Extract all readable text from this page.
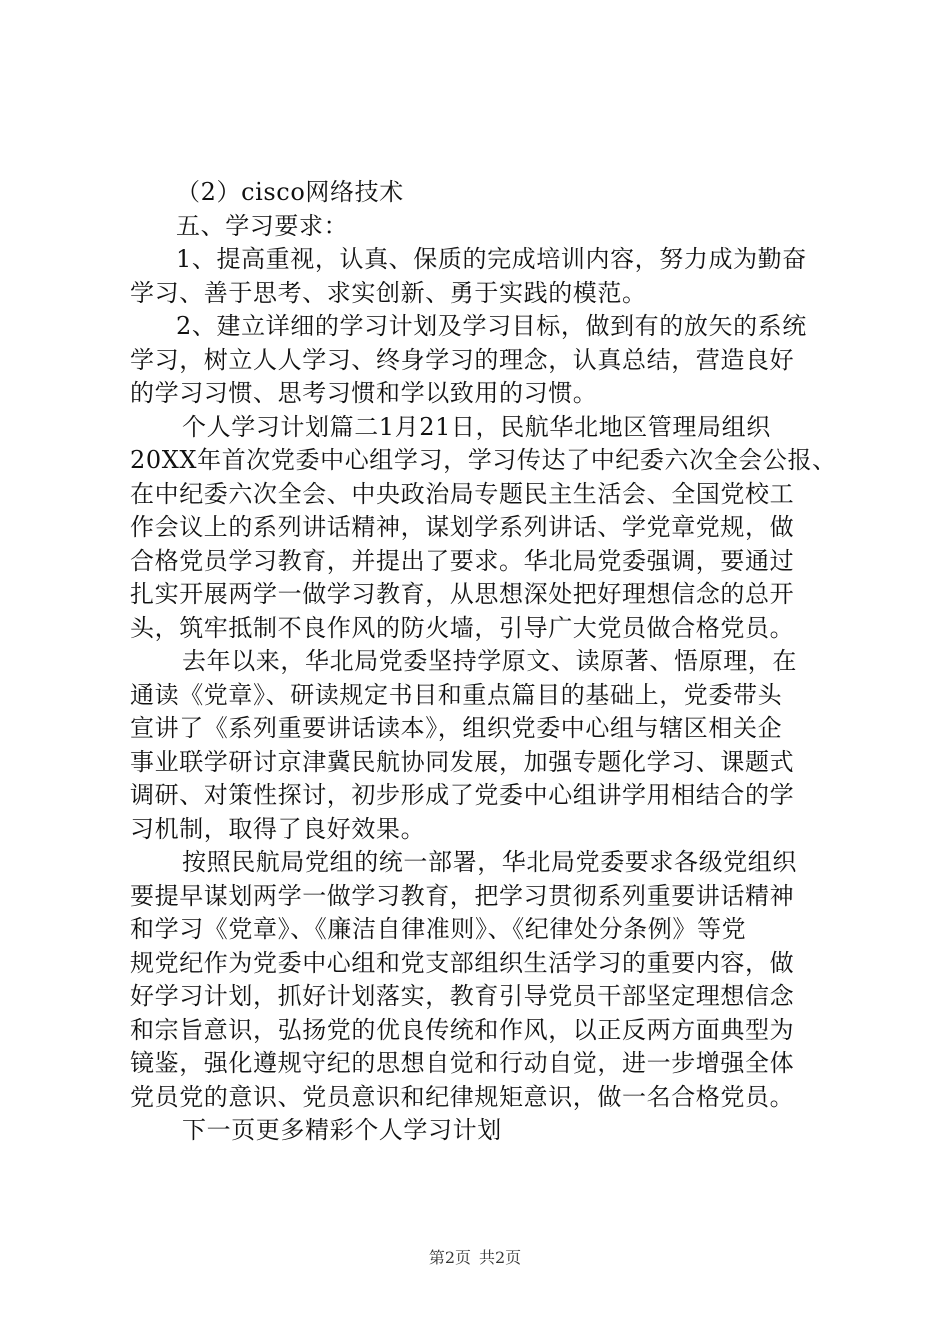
（2）cisco网络技术

五、学习要求：

1、提高重视，认真、保质的完成培训内容，努力成为勤奋

学习、善于思考、求实创新、勇于实践的模范。

2、建立详细的学习计划及学习目标，做到有的放矢的系统

学习，树立人人学习、终身学习的理念，认真总结，营造良好

的学习习惯、思考习惯和学以致用的习惯。

个人学习计划篇二1月21日，民航华北地区管理局组织

20XX年首次党委中心组学习，学习传达了中纪委六次全会公报、

在中纪委六次全会、中央政治局专题民主生活会、全国党校工

作会议上的系列讲话精神，谋划学系列讲话、学党章党规，做

合格党员学习教育，并提出了要求。华北局党委强调，要通过

扎实开展两学一做学习教育，从思想深处把好理想信念的总开

头，筑牢抵制不良作风的防火墙，引导广大党员做合格党员。

去年以来，华北局党委坚持学原文、读原著、悟原理，在

通读《党章》、研读规定书目和重点篇目的基础上，党委带头

宣讲了《系列重要讲话读本》，组织党委中心组与辖区相关企

事业联学研讨京津冀民航协同发展，加强专题化学习、课题式

调研、对策性探讨，初步形成了党委中心组讲学用相结合的学

习机制，取得了良好效果。

按照民航局党组的统一部署，华北局党委要求各级党组织

要提早谋划两学一做学习教育，把学习贯彻系列重要讲话精神

和学习《党章》、《廉洁自律准则》、《纪律处分条例》等党

规党纪作为党委中心组和党支部组织生活学习的重要内容，做

好学习计划，抓好计划落实，教育引导党员干部坚定理想信念

和宗旨意识，弘扬党的优良传统和作风，以正反两方面典型为

镜鉴，强化遵规守纪的思想自觉和行动自觉，进一步增强全体

党员党的意识、党员意识和纪律规矩意识，做一名合格党员。

下一页更多精彩个人学习计划

第2页 共2页
